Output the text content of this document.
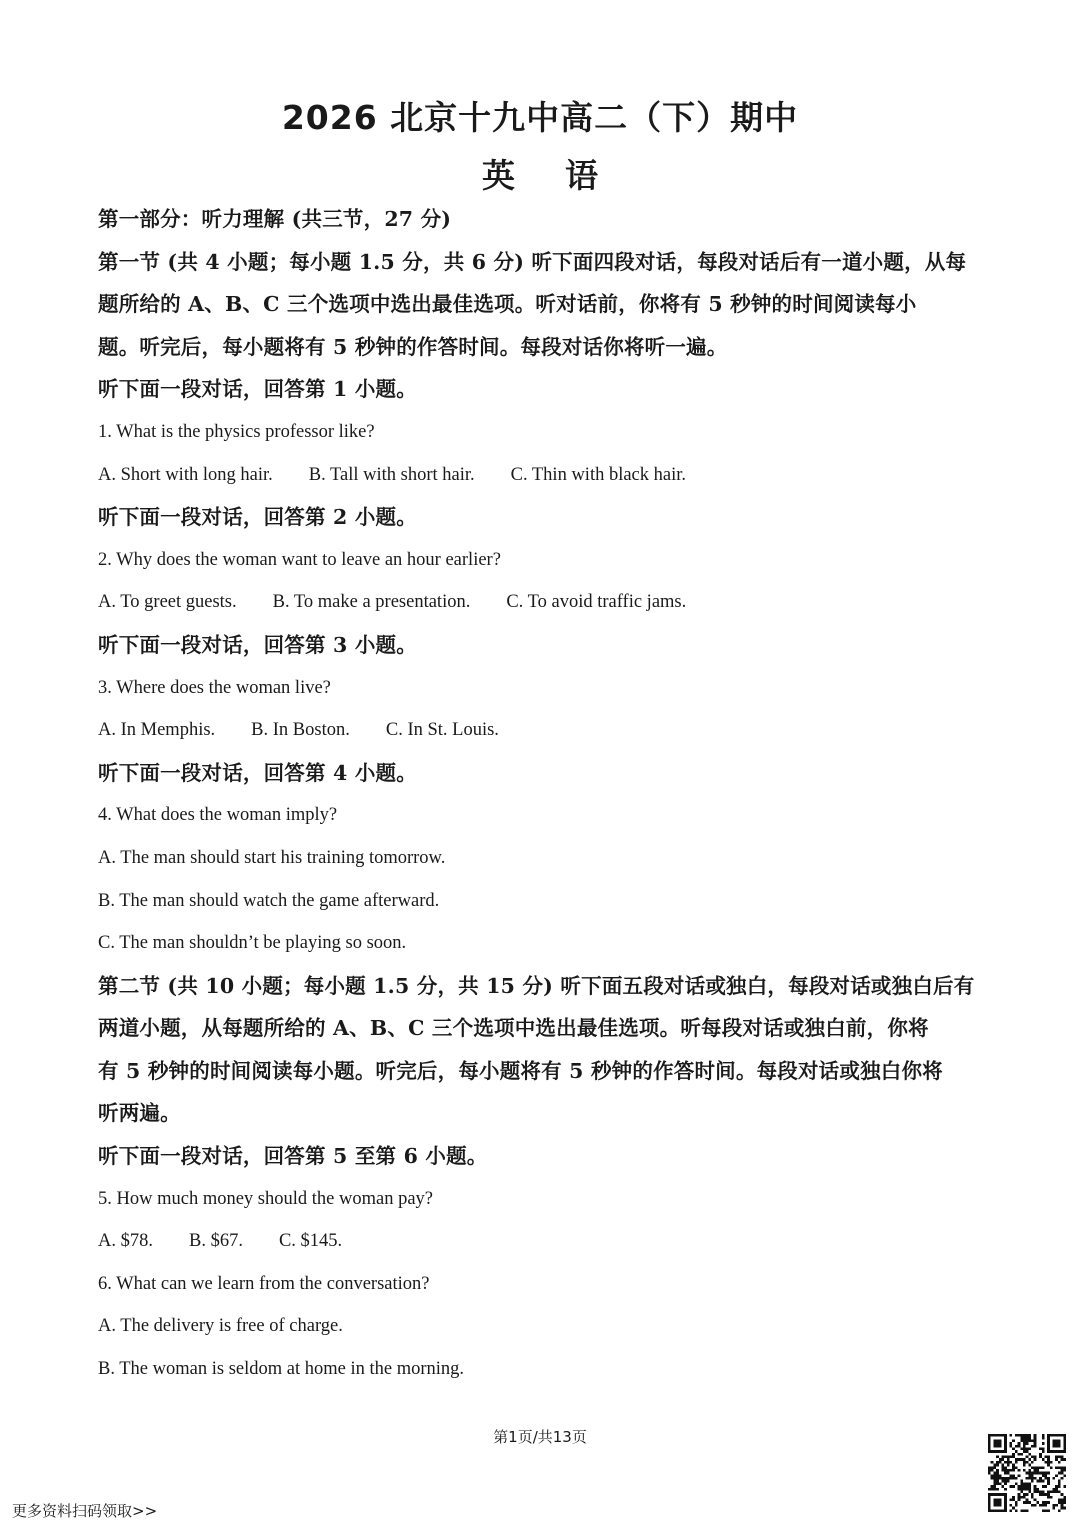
2026 北京十九中高二（下）期中
英语
第一部分：听力理解 (共三节，27 分)
第一节 (共 4 小题；每小题 1.5 分，共 6 分) 听下面四段对话，每段对话后有一道小题，从每
题所给的 A、B、C 三个选项中选出最佳选项。听对话前，你将有 5 秒钟的时间阅读每小
题。听完后，每小题将有 5 秒钟的作答时间。每段对话你将听一遍。
听下面一段对话，回答第 1 小题。
1. What is the physics professor like?
A. Short with long hair. B. Tall with short hair. C. Thin with black hair.
听下面一段对话，回答第 2 小题。
2. Why does the woman want to leave an hour earlier?
A. To greet guests. B. To make a presentation. C. To avoid traffic jams.
听下面一段对话，回答第 3 小题。
3. Where does the woman live?
A. In Memphis. B. In Boston. C. In St. Louis.
听下面一段对话，回答第 4 小题。
4. What does the woman imply?
A. The man should start his training tomorrow.
B. The man should watch the game afterward.
C. The man shouldn’t be playing so soon.
第二节 (共 10 小题；每小题 1.5 分，共 15 分) 听下面五段对话或独白，每段对话或独白后有
两道小题，从每题所给的 A、B、C 三个选项中选出最佳选项。听每段对话或独白前，你将
有 5 秒钟的时间阅读每小题。听完后，每小题将有 5 秒钟的作答时间。每段对话或独白你将
听两遍。
听下面一段对话，回答第 5 至第 6 小题。
5. How much money should the woman pay?
A. $78. B. $67. C. $145.
6. What can we learn from the conversation?
A. The delivery is free of charge.
B. The woman is seldom at home in the morning.
第1页/共13页
更多资料扫码领取>>
